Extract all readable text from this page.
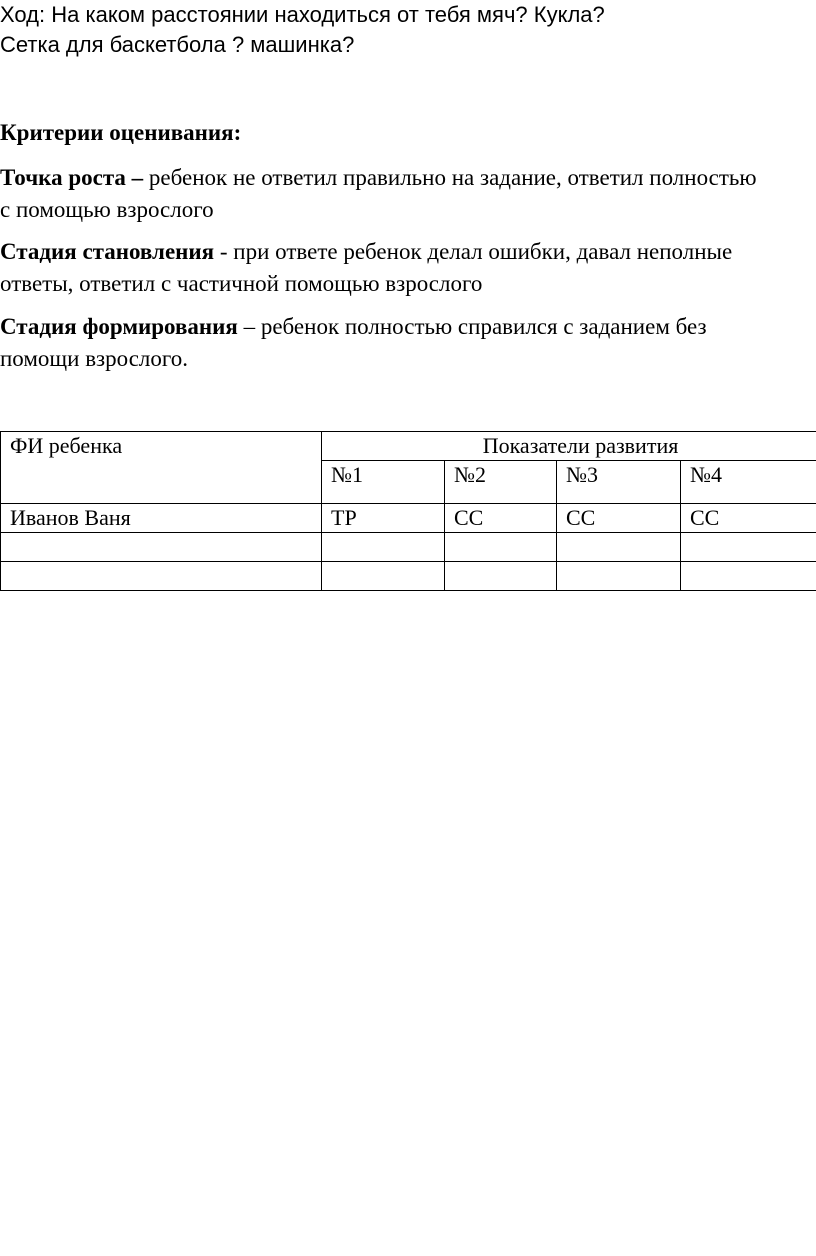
Ход: На каком расстоянии находиться от тебя мяч? Кукла?
Сетка для баскетбола ? машинка?
Критерии оценивания:
Точка роста – ребенок не ответил правильно на задание, ответил полностью
с помощью взрослого
Стадия становления - при ответе ребенок делал ошибки, давал неполные
ответы, ответил с частичной помощью взрослого
Стадия формирования – ребенок полностью справился с заданием без
помощи взрослого.
ФИ ребенка	Показатели развития			
	№1	№2	№3	№4
Иванов Ваня	ТР	СС	СС	СС
